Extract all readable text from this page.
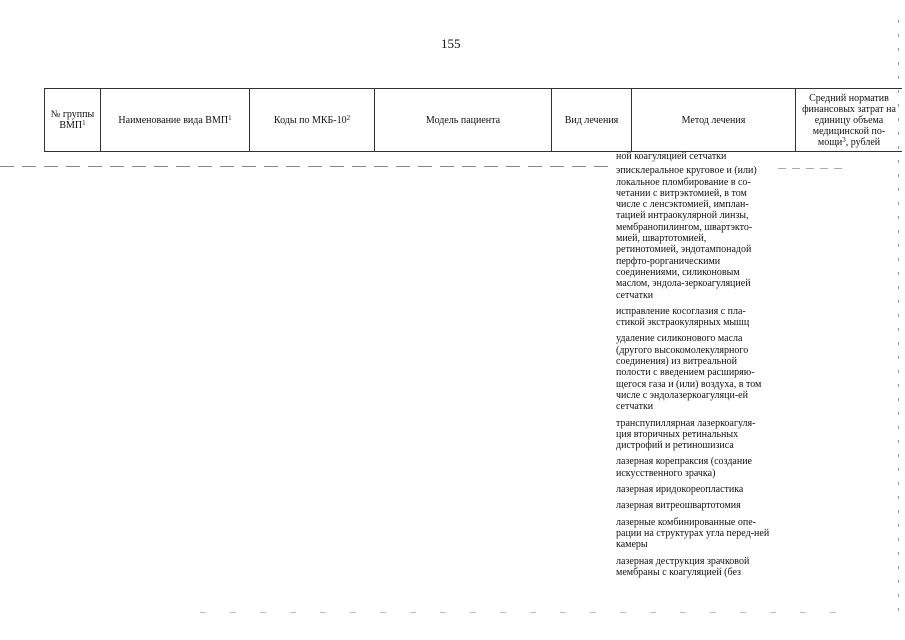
155
№ группы ВМП$^1$	Наименование вида ВМП$^1$	Коды по МКБ-$10^2$	Модель пациента	Вид лечения	Метод лечения	Средний норматив финансовых затрат на единицу объема медицинской по-мощи$^3$, рублей
ной коагуляцией сетчатки
эписклеральное круговое и (или) локальное пломбирование в со-четании с витрэктомией, в том числе с ленсэктомией, имплан-тацией интраокулярной линзы, мембранопилингом, швартэкто-мией, швартотомией, ретинотомией, эндотампонадой перфто-рорганическими соединениями, силиконовым маслом, эндола-зеркоагуляцией сетчатки
исправление косоглазия с пла-стикой экстраокулярных мышц
удаление силиконового масла (другого высокомолекулярного соединения) из витреальной полости с введением расширяю-щегося газа и (или) воздуха, в том числе с эндолазеркоагуляци-ей сетчатки
транспупиллярная лазеркоагуля-ция вторичных ретинальных дистрофий и ретиношизиса
лазерная корепраксия (создание искусственного зрачка)
лазерная иридокореопластика
лазерная витреошвартотомия
лазерные комбинированные опе-рации на структурах угла перед-ней камеры
лазерная деструкция зрачковой мембраны с коагуляцией (без
